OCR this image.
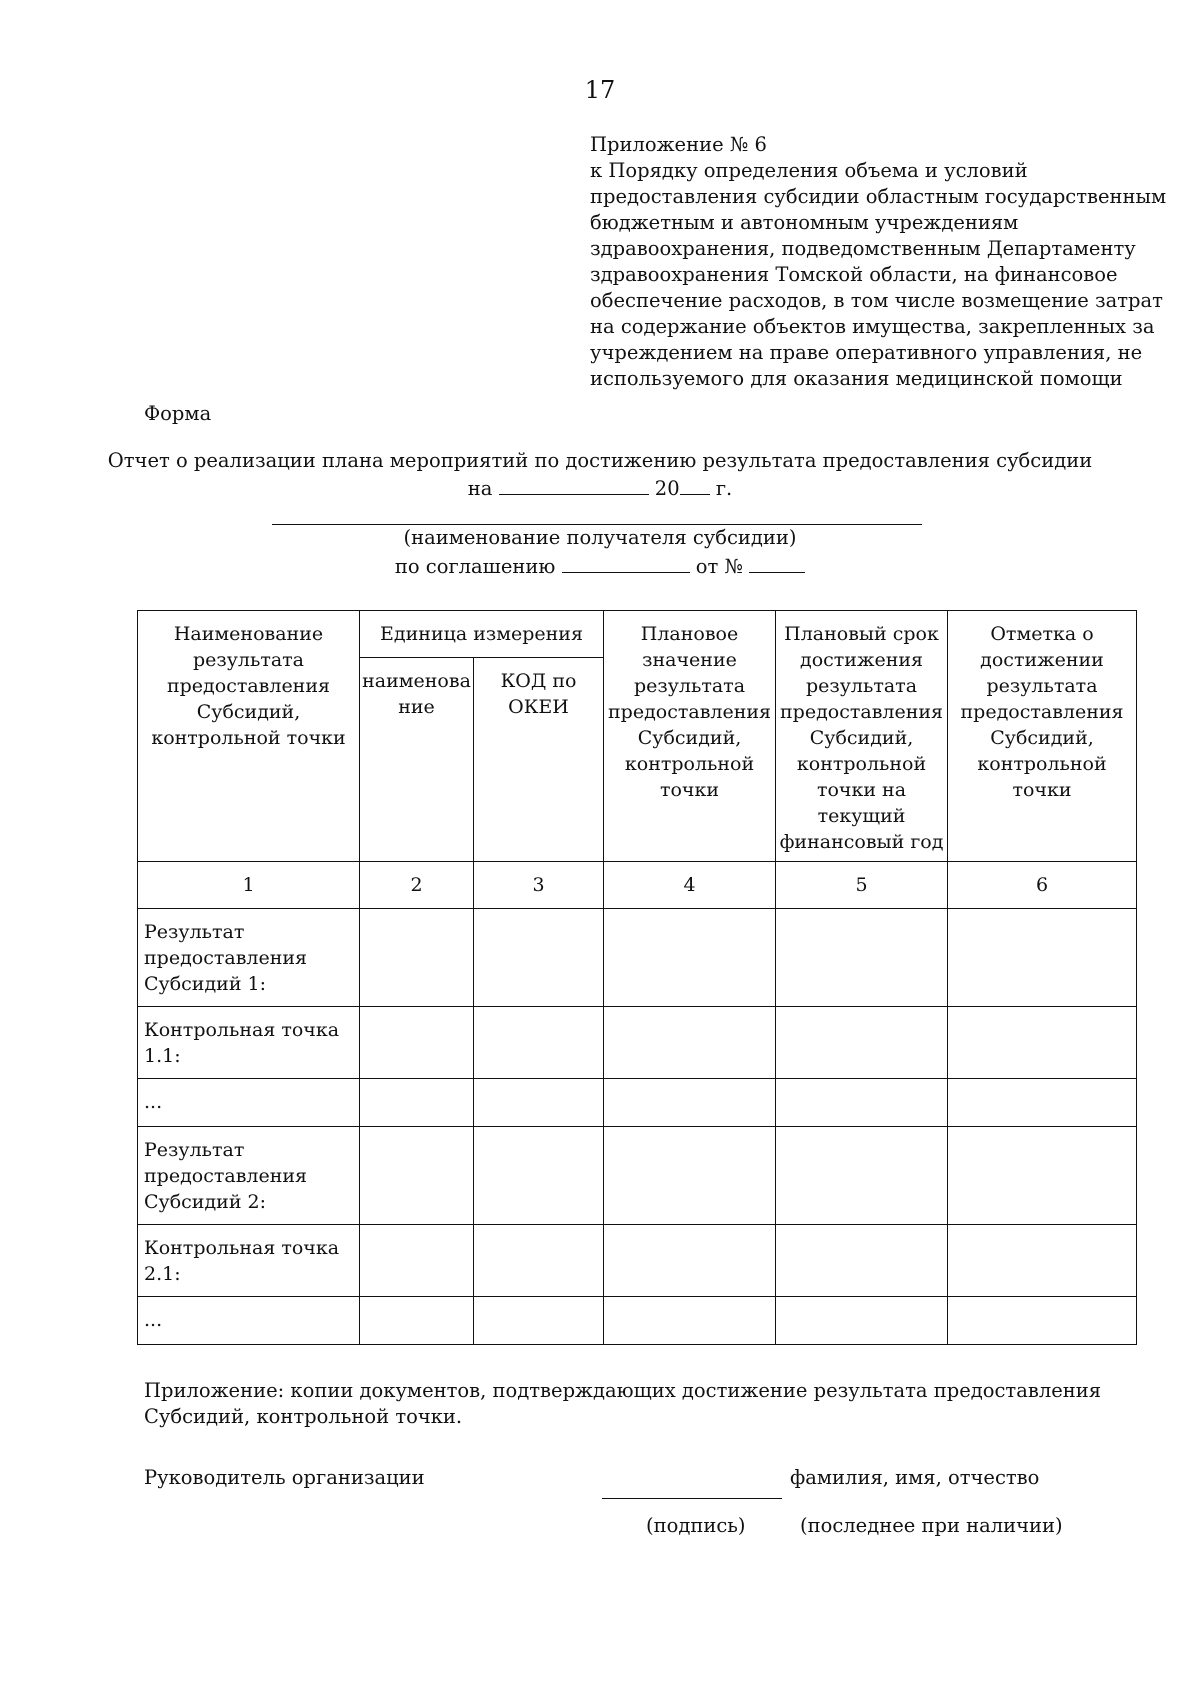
17
Приложение № 6
к Порядку определения объема и условий
предоставления субсидии областным государственным
бюджетным и автономным учреждениям
здравоохранения, подведомственным Департаменту
здравоохранения Томской области, на финансовое
обеспечение расходов, в том числе возмещение затрат
на содержание объектов имущества, закрепленных за
учреждением на праве оперативного управления, не
используемого для оказания медицинской помощи
Форма
Отчет о реализации плана мероприятий по достижению результата предоставления субсидии
на	20 г.
(наименование получателя субсидии)
по соглашению	от №
Наименование результата предоставления Субсидий, контрольной точки	Единица измерения		Плановое значение результата предоставления Субсидий, контрольной точки	Плановый срок достижения результата предоставления Субсидий, контрольной точки на текущий финансовый год	Отметка о достижении результата предоставления Субсидий, контрольной точки
	наименова ние	КОД по ОКЕИ			
1	2	3	4	5	6
Результат предоставления Субсидий 1:					
Контрольная точка 1.1:					
...					
Результат предоставления Субсидий 2:					
Контрольная точка 2.1:					
...					
Приложение: копии документов, подтверждающих достижение результата предоставления Субсидий, контрольной точки.
Руководитель организации	фамилия, имя, отчество
(подпись)	(последнее при наличии)
